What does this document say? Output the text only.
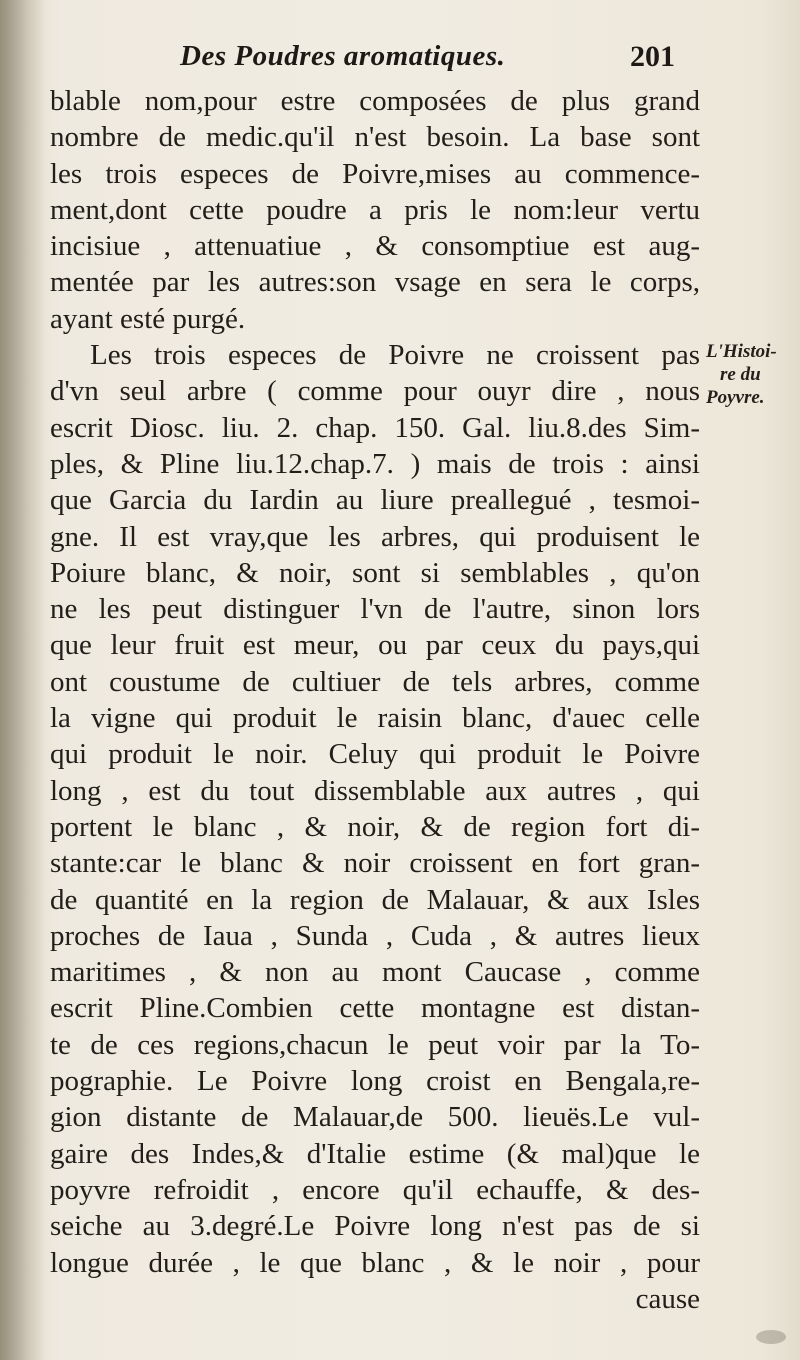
Des Poudres aromatiques.	201
L'Histoi-
re du
Poyvre.
blable nom,pour estre composées de plus grand
nombre de medic.qu'il n'est besoin. La base sont
les trois especes de Poivre,mises au commence-
ment,dont cette poudre a pris le nom:leur vertu
incisiue , attenuatiue , & consomptiue est aug-
mentée par les autres:son vsage en sera le corps,
ayant esté purgé.
Les trois especes de Poivre ne croissent pas
d'vn seul arbre ( comme pour ouyr dire , nous
escrit Diosc. liu. 2. chap. 150. Gal. liu.8.des Sim-
ples, & Pline liu.12.chap.7. ) mais de trois : ainsi
que Garcia du Iardin au liure preallegué , tesmoi-
gne. Il est vray,que les arbres, qui produisent le
Poiure blanc, & noir, sont si semblables , qu'on
ne les peut distinguer l'vn de l'autre, sinon lors
que leur fruit est meur, ou par ceux du pays,qui
ont coustume de cultiuer de tels arbres, comme
la vigne qui produit le raisin blanc, d'auec celle
qui produit le noir. Celuy qui produit le Poivre
long , est du tout dissemblable aux autres , qui
portent le blanc , & noir, & de region fort di-
stante:car le blanc & noir croissent en fort gran-
de quantité en la region de Malauar, & aux Isles
proches de Iaua , Sunda , Cuda , & autres lieux
maritimes , & non au mont Caucase , comme
escrit Pline.Combien cette montagne est distan-
te de ces regions,chacun le peut voir par la To-
pographie. Le Poivre long croist en Bengala,re-
gion distante de Malauar,de 500. lieuës.Le vul-
gaire des Indes,& d'Italie estime (& mal)que le
poyvre refroidit , encore qu'il echauffe, & des-
seiche au 3.degré.Le Poivre long n'est pas de si
longue durée , le que blanc , & le noir , pour
cause
